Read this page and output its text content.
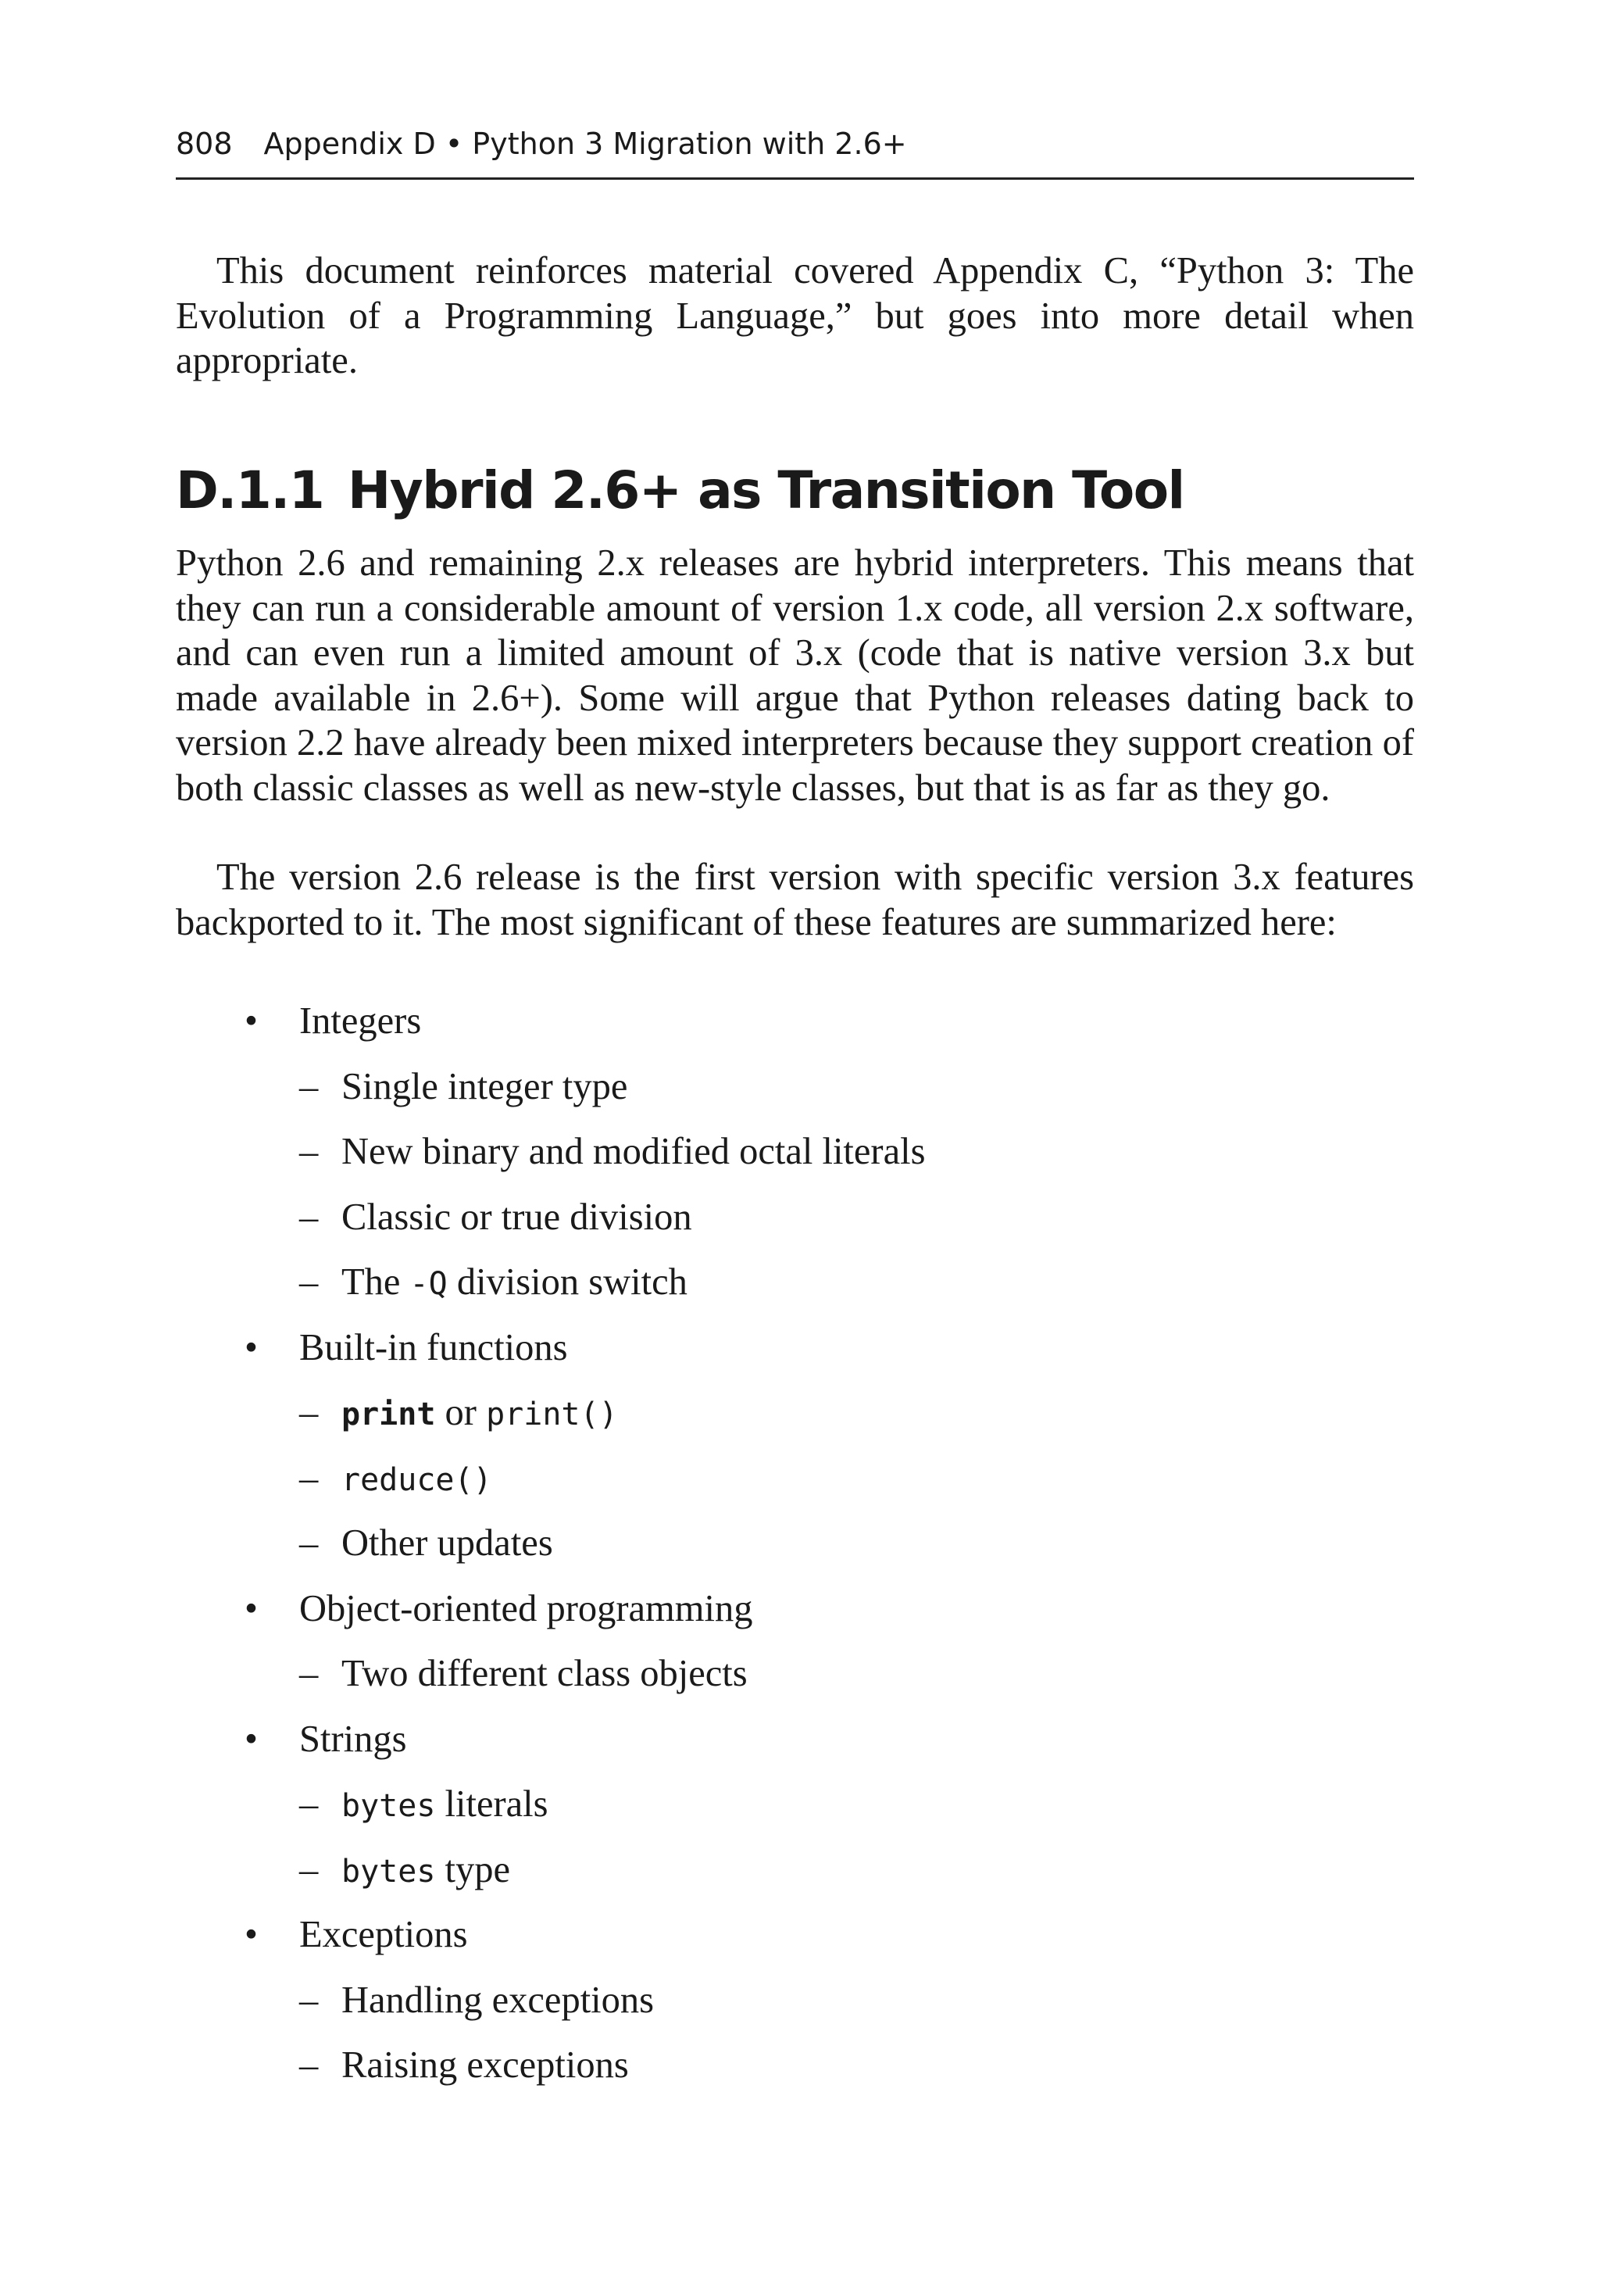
808 Appendix D • Python 3 Migration with 2.6+

This document reinforces material covered Appendix C, “Python 3: The Evolution of a Programming Language,” but goes into more detail when appropriate.

D.1.1 Hybrid 2.6+ as Transition Tool

Python 2.6 and remaining 2.x releases are hybrid interpreters. This means that they can run a considerable amount of version 1.x code, all version 2.x software, and can even run a limited amount of 3.x (code that is native version 3.x but made available in 2.6+). Some will argue that Python releases dating back to version 2.2 have already been mixed interpreters because they support creation of both classic classes as well as new-style classes, but that is as far as they go.

The version 2.6 release is the first version with specific version 3.x features backported to it. The most significant of these features are summarized here:

• Integers
– Single integer type
– New binary and modified octal literals
– Classic or true division
– The -Q division switch
• Built-in functions
– print or print()
– reduce()
– Other updates
• Object-oriented programming
– Two different class objects
• Strings
– bytes literals
– bytes type
• Exceptions
– Handling exceptions
– Raising exceptions
